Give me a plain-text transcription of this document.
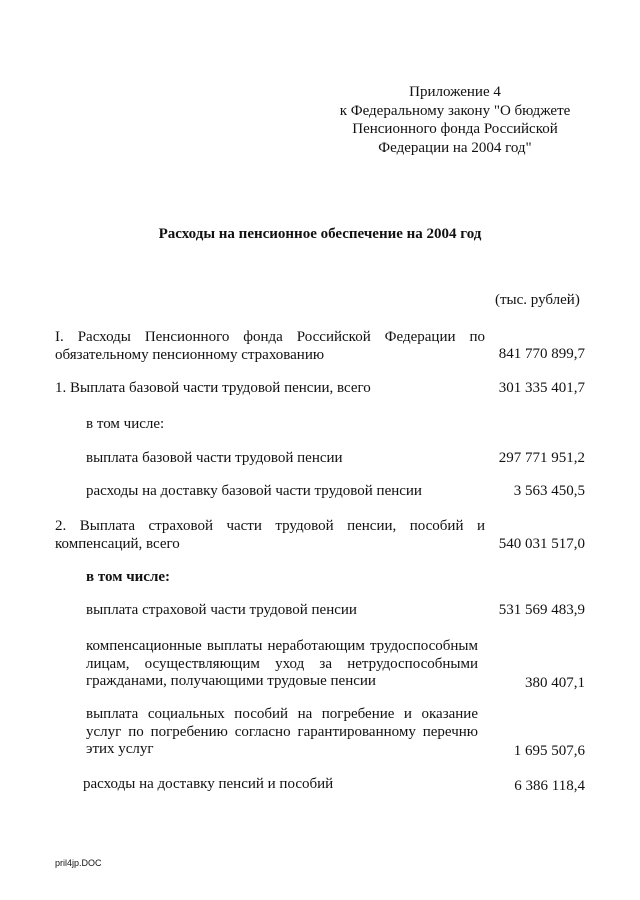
Приложение 4
к Федеральному закону "О бюджете
Пенсионного фонда Российской
Федерации на 2004 год"
Расходы на пенсионное обеспечение на 2004 год
(тыс. рублей)
I. Расходы Пенсионного фонда Российской Федерации по
обязательному пенсионному страхованию	841 770 899,7
1. Выплата базовой части трудовой пенсии, всего	301 335 401,7
в том числе:
выплата базовой части трудовой пенсии	297 771 951,2
расходы на доставку базовой части трудовой пенсии	3 563 450,5
2. Выплата страховой части трудовой пенсии, пособий и
компенсаций, всего	540 031 517,0
в том числе:
выплата страховой части трудовой пенсии	531 569 483,9
компенсационные выплаты неработающим трудоспособным
лицам, осуществляющим уход за нетрудоспособными
гражданами, получающими трудовые пенсии	380 407,1
выплата социальных пособий на погребение и оказание
услуг по погребению согласно гарантированному перечню
этих услуг	1 695 507,6
расходы на доставку пенсий и пособий	6 386 118,4
pril4jp.DOC
